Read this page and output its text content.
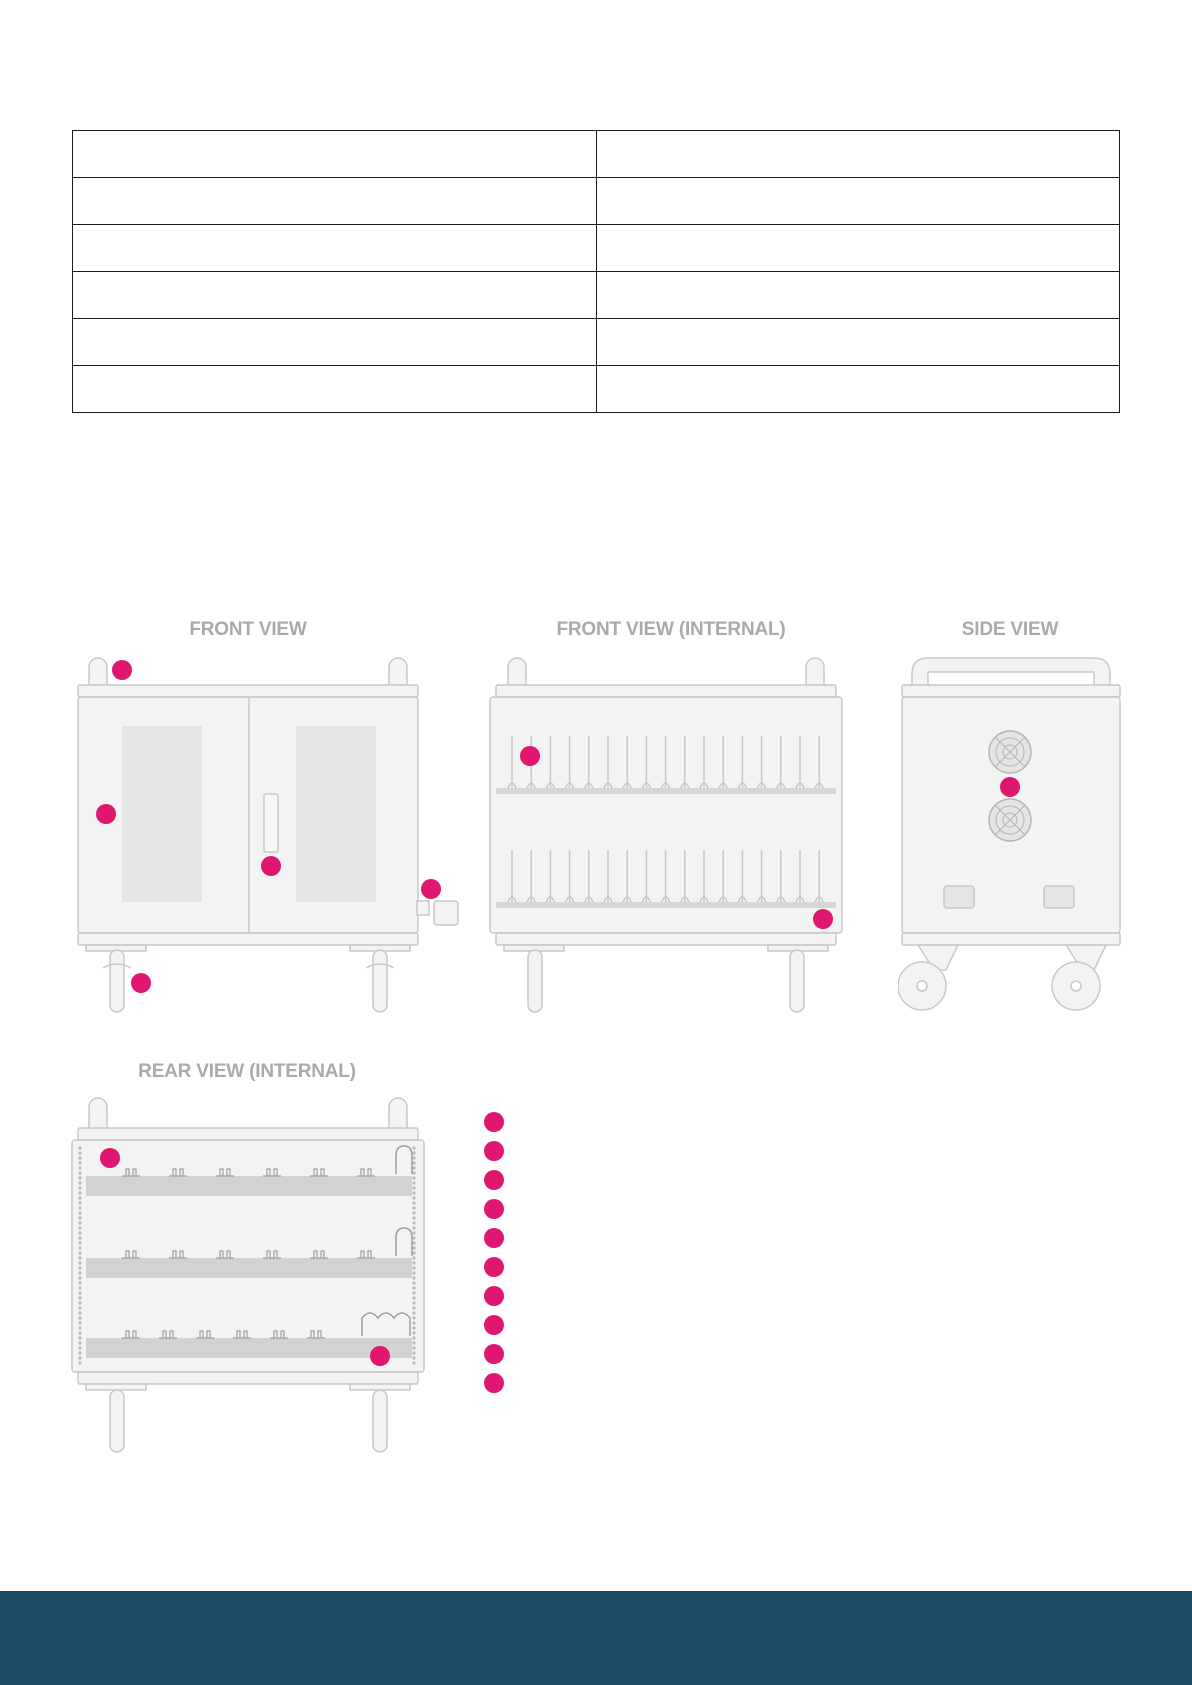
FRONT VIEW	FRONT VIEW (INTERNAL)	SIDE VIEW
REAR VIEW (INTERNAL)
